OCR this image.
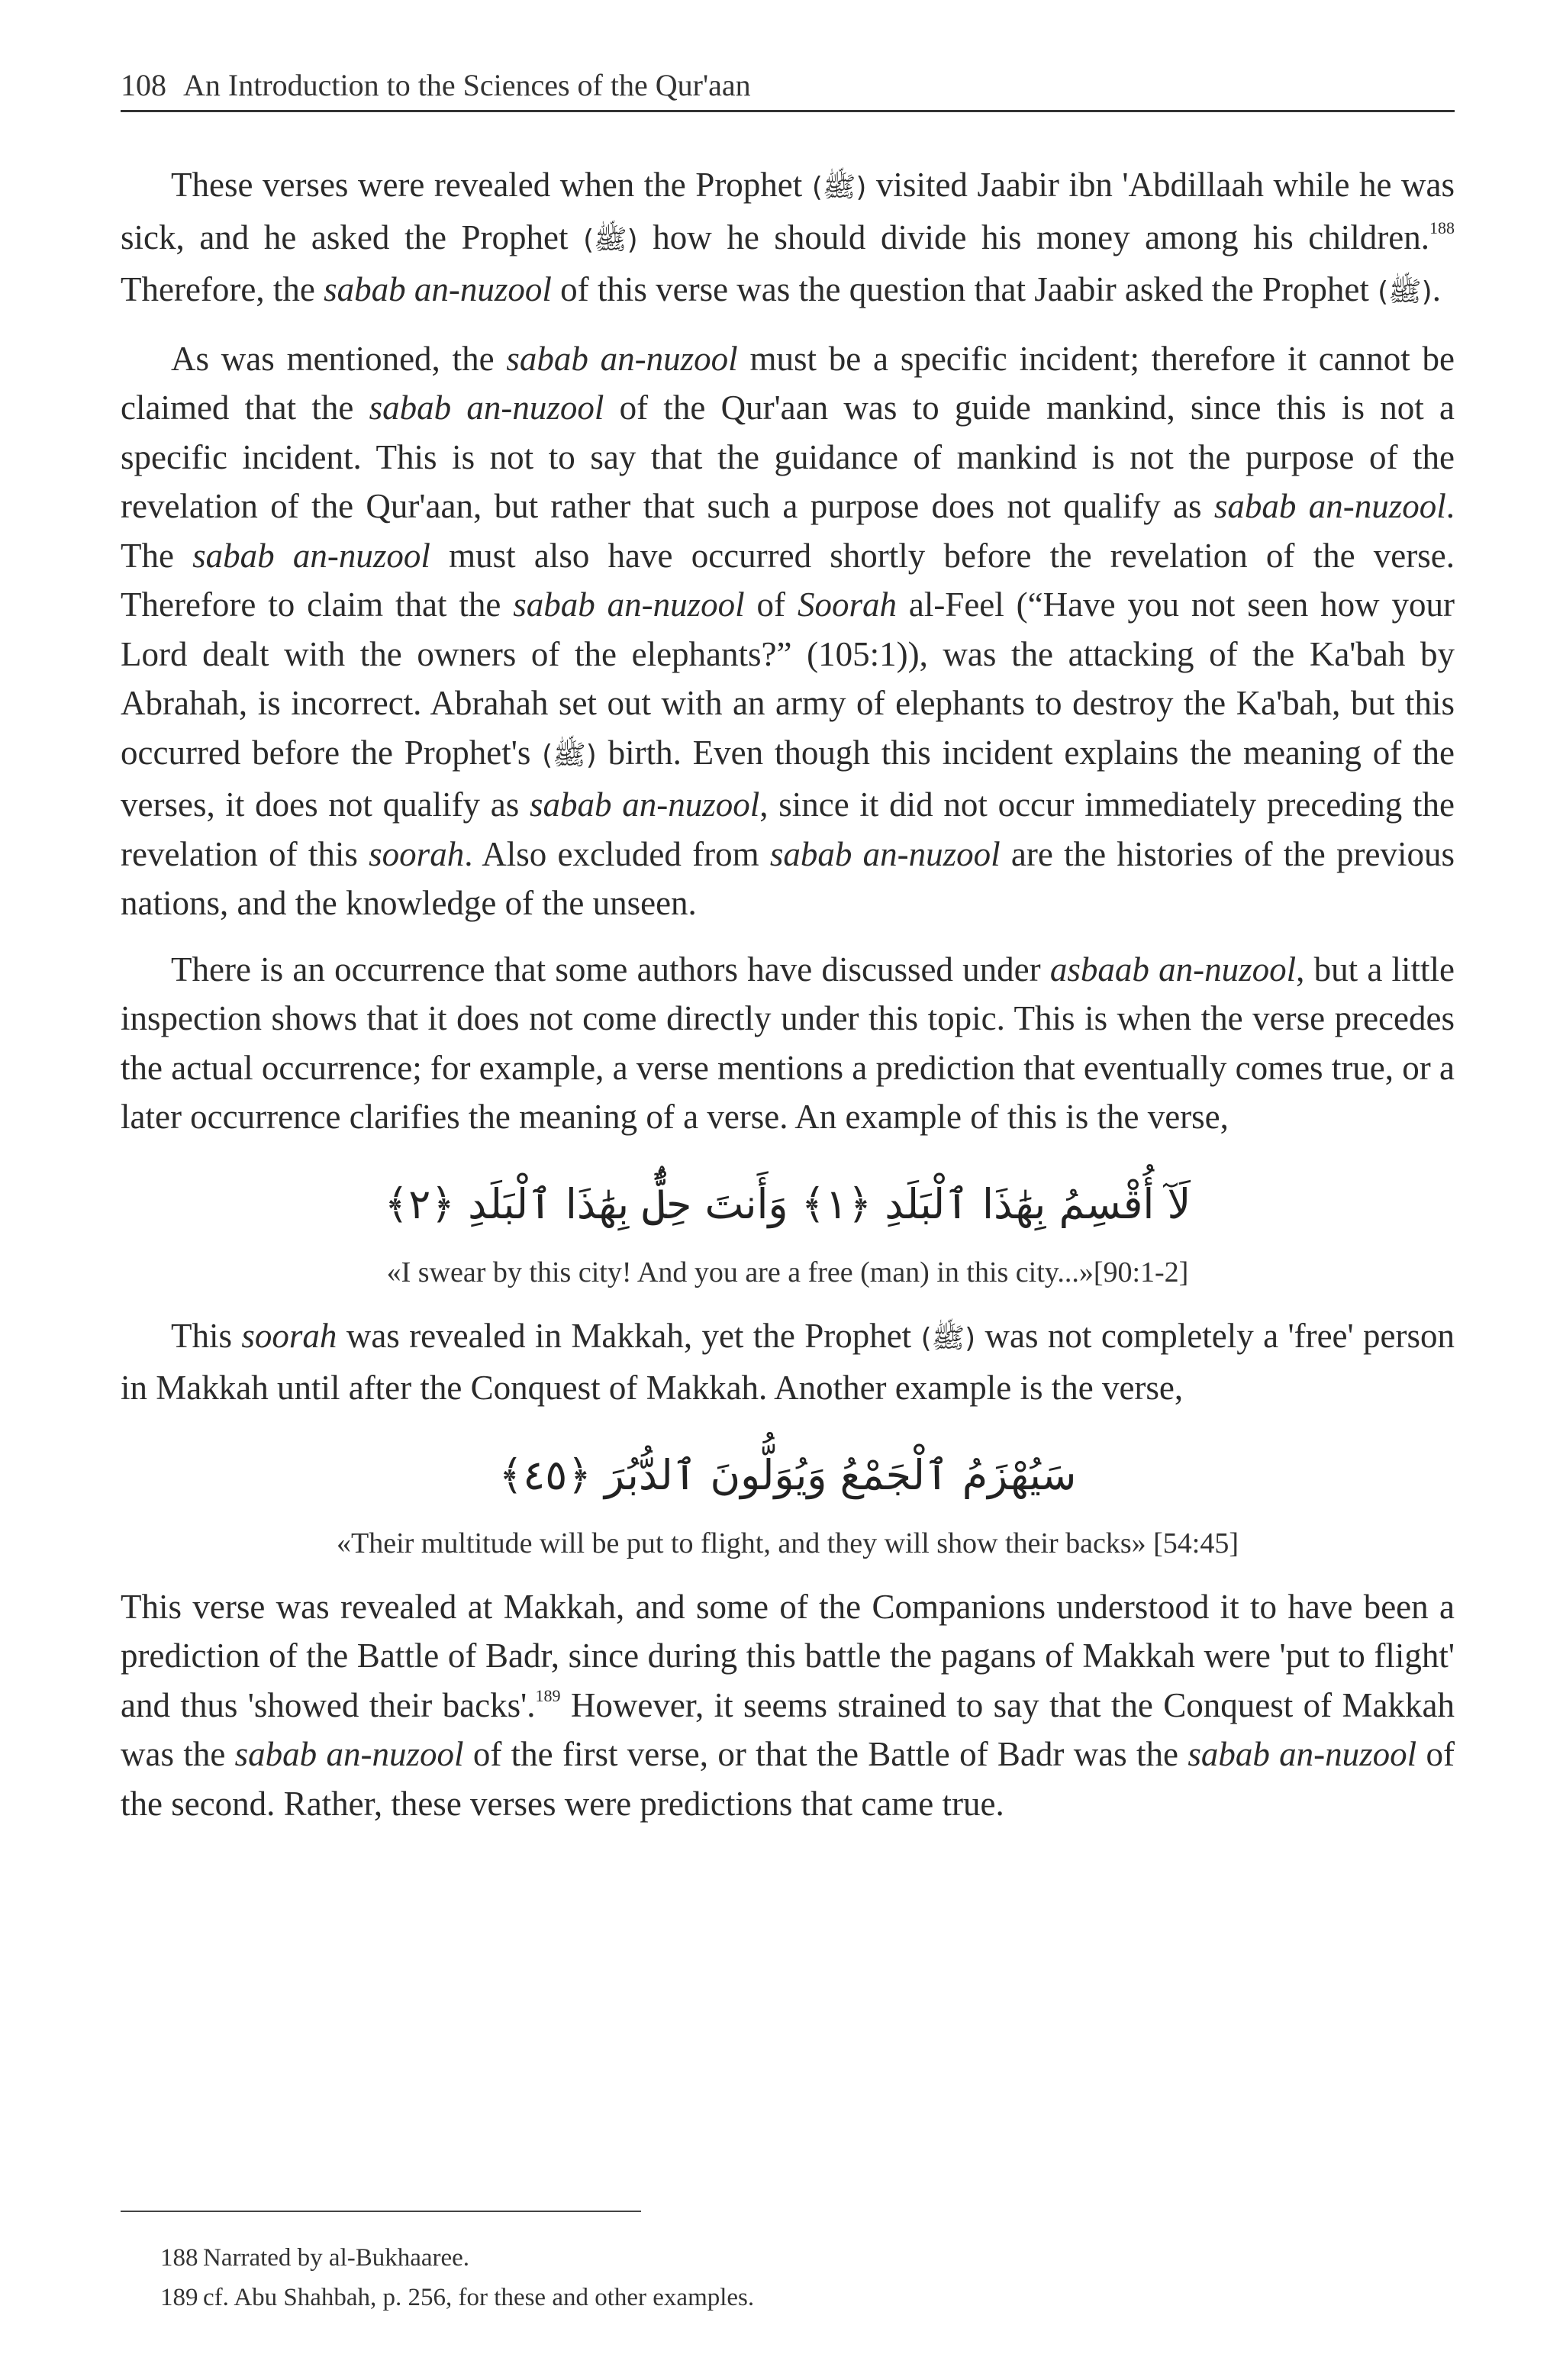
108 An Introduction to the Sciences of the Qur'aan

These verses were revealed when the Prophet (ﷺ) visited Jaabir ibn 'Abdillaah while he was sick, and he asked the Prophet (ﷺ) how he should divide his money among his children.$^{188}$ Therefore, the sabab an-nuzool of this verse was the question that Jaabir asked the Prophet (ﷺ).

As was mentioned, the sabab an-nuzool must be a specific incident; therefore it cannot be claimed that the sabab an-nuzool of the Qur'aan was to guide mankind, since this is not a specific incident. This is not to say that the guidance of mankind is not the purpose of the revelation of the Qur'aan, but rather that such a purpose does not qualify as sabab an-nuzool. The sabab an-nuzool must also have occurred shortly before the revelation of the verse. Therefore to claim that the sabab an-nuzool of Soorah al-Feel (“Have you not seen how your Lord dealt with the owners of the elephants?” (105:1)), was the attacking of the Ka'bah by Abrahah, is incorrect. Abrahah set out with an army of elephants to destroy the Ka'bah, but this occurred before the Prophet's (ﷺ) birth. Even though this incident explains the meaning of the verses, it does not qualify as sabab an-nuzool, since it did not occur immediately preceding the revelation of this soorah. Also excluded from sabab an-nuzool are the histories of the previous nations, and the knowledge of the unseen.

There is an occurrence that some authors have discussed under asbaab an-nuzool, but a little inspection shows that it does not come directly under this topic. This is when the verse precedes the actual occurrence; for example, a verse mentions a prediction that eventually comes true, or a later occurrence clarifies the meaning of a verse. An example of this is the verse,

لَآ أُقْسِمُ بِهَٰذَا ٱلْبَلَدِ ﴿١﴾ وَأَنتَ حِلٌّۢ بِهَٰذَا ٱلْبَلَدِ ﴿٢﴾
«I swear by this city! And you are a free (man) in this city...»[90:1-2]

This soorah was revealed in Makkah, yet the Prophet (ﷺ) was not completely a 'free' person in Makkah until after the Conquest of Makkah. Another example is the verse,

سَيُهْزَمُ ٱلْجَمْعُ وَيُوَلُّونَ ٱلدُّبُرَ ﴿٤٥﴾
«Their multitude will be put to flight, and they will show their backs» [54:45]

This verse was revealed at Makkah, and some of the Companions understood it to have been a prediction of the Battle of Badr, since during this battle the pagans of Makkah were 'put to flight' and thus 'showed their backs'.$^{189}$ However, it seems strained to say that the Conquest of Makkah was the sabab an-nuzool of the first verse, or that the Battle of Badr was the sabab an-nuzool of the second. Rather, these verses were predictions that came true.

188 Narrated by al-Bukhaaree.

189 cf. Abu Shahbah, p. 256, for these and other examples.
